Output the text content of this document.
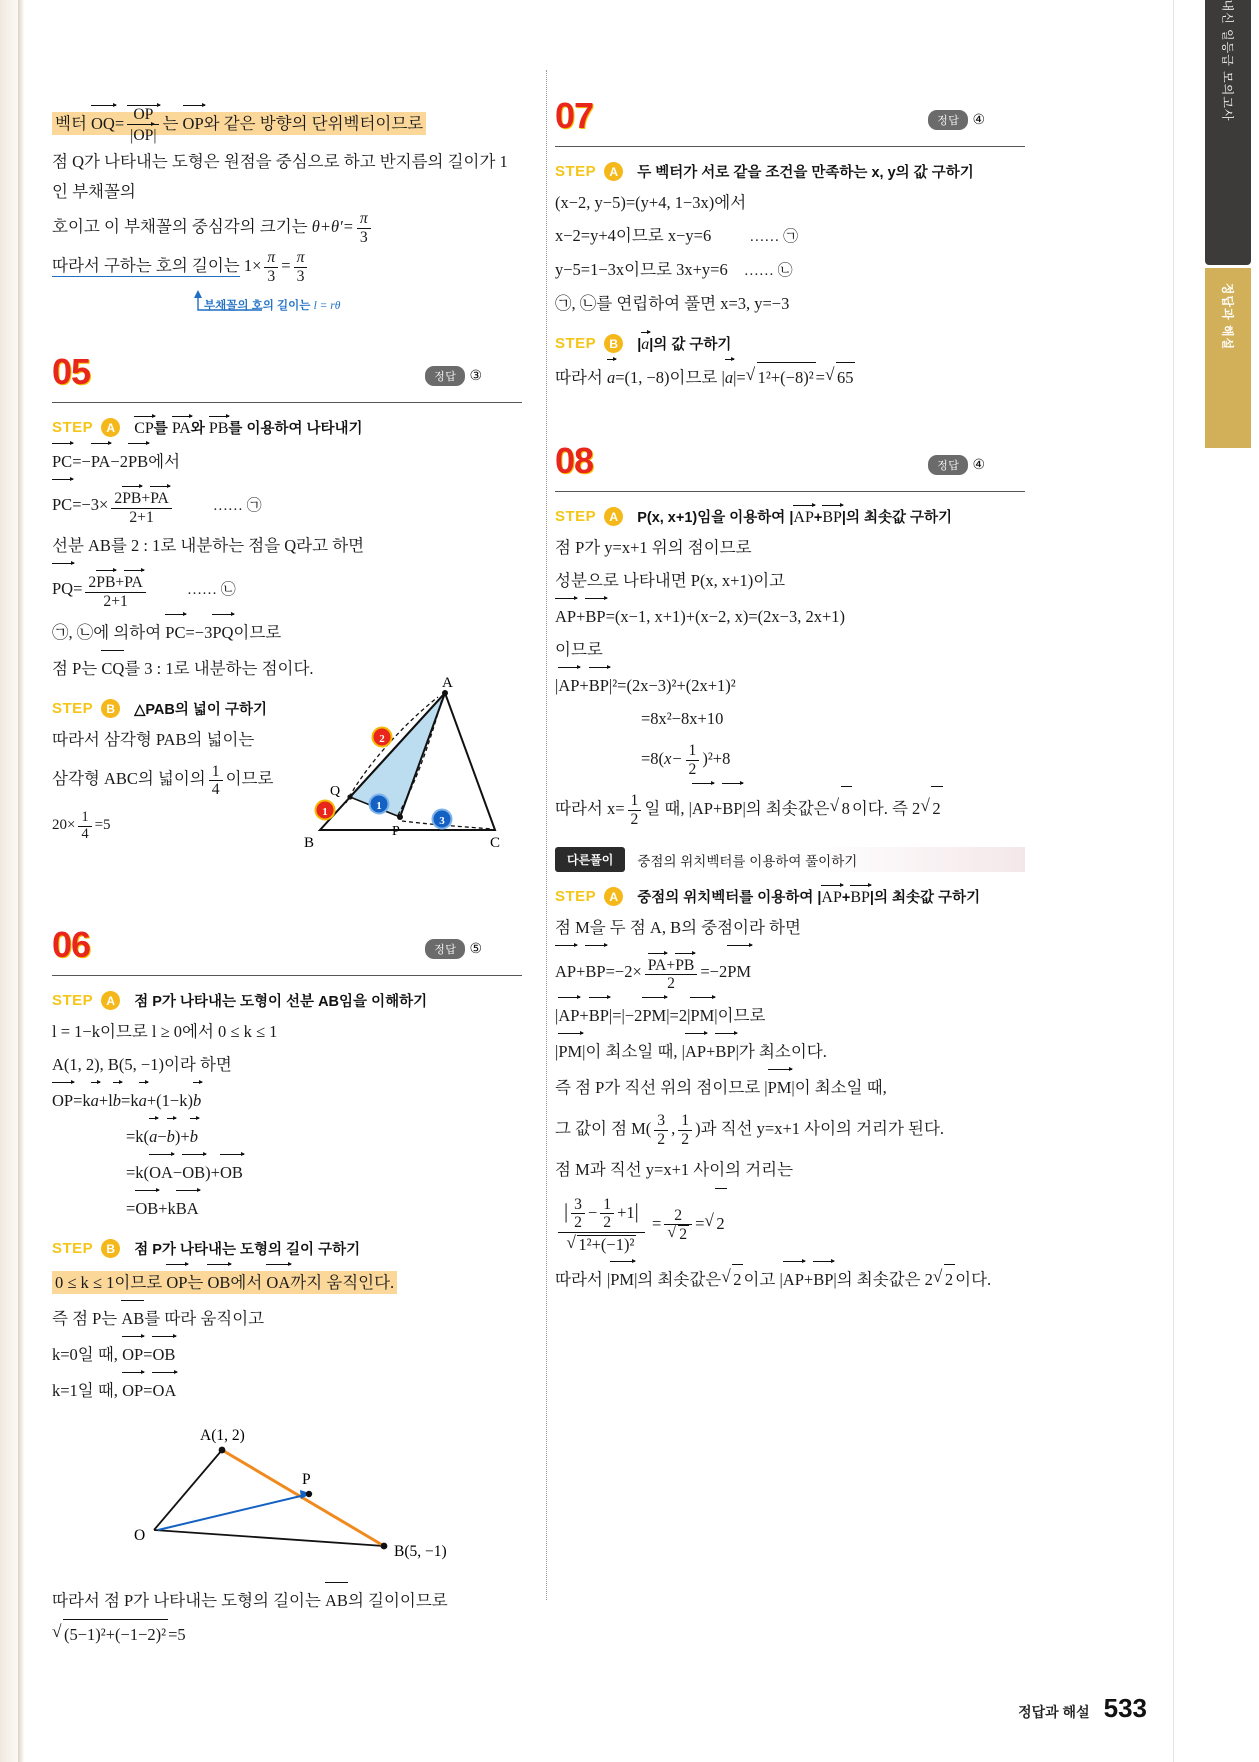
내신 일등급 모의고사
정답과 해설
벡터 $OQ= \frac{OP}{|OP|}$ 는 OP와 같은 방향의 단위벡터이므로
점 Q가 나타내는 도형은 원점을 중심으로 하고 반지름의 길이가 1인 부채꼴의
호이고 이 부채꼴의 중심각의 크기는 $\theta+\theta'= \frac{\pi}{3}$
따라서 구하는 호의 길이는 $1\times \frac{\pi}{3} = \frac{\pi}{3}$
부채꼴의 호의 길이는 l = rθ
05	정답 ③
STEP	A	CP를 PA와 PB를 이용하여 나타내기
PC=−PA−2PB에서
$PC=-3\times \frac{2PB+PA}{2+1}$	…… ㉠
선분 AB를 2 : 1로 내분하는 점을 Q라고 하면
$PQ= \frac{2PB+PA}{2+1}$	…… ㉡
㉠, ㉡에 의하여 PC=−3PQ이므로
점 P는 CQ를 3 : 1로 내분하는 점이다.
STEP	B	△PAB의 넓이 구하기
따라서 삼각형 PAB의 넓이는
삼각형 ABC의 넓이의 $\frac{1}{4}$ 이므로
$20\times \frac{1}{4} =5$
A
B	C
P
Q
2
1	1
3
06	정답 ⑤
STEP	A	점 P가 나타내는 도형이 선분 AB임을 이해하기
l = 1−k이므로 l ≥ 0에서 0 ≤ k ≤ 1
A(1, 2), B(5, −1)이라 하면
OP=ka+lb=ka+(1−k)b
=k(a−b)+b
=k(OA−OB)+OB
=OB+kBA
STEP	B	점 P가 나타내는 도형의 길이 구하기
0 ≤ k ≤ 1이므로 OP는 OB에서 OA까지 움직인다.
즉 점 P는 AB를 따라 움직이고
k=0일 때, OP=OB
k=1일 때, OP=OA
A(1, 2)
B(5, −1)
O
P
따라서 점 P가 나타내는 도형의 길이는 AB의 길이이므로
√ (5−1)²+(−1−2)² =5
07	정답 ④
STEP	A	두 벡터가 서로 같을 조건을 만족하는 x, y의 값 구하기
(x−2, y−5)=(y+4, 1−3x)에서
x−2=y+4이므로 x−y=6	…… ㉠
y−5=1−3x이므로 3x+y=6 …… ㉡
㉠, ㉡를 연립하여 풀면 x=3, y=−3
STEP	B	|a|의 값 구하기
따라서 a=(1, −8)이므로 |a|= √ 1²+(−8)² = √ 65
08	정답 ④
STEP	A	P(x, x+1)임을 이용하여 |AP+BP|의 최솟값 구하기
점 P가 y=x+1 위의 점이므로
성분으로 나타내면 P(x, x+1)이고
AP+BP=(x−1, x+1)+(x−2, x)=(2x−3, 2x+1)
이므로
|AP+BP|²=(2x−3)²+(2x+1)²
=8x²−8x+10
$=8(x- \frac{1}{2} )^2+8$
따라서 $x= \frac{1}{2}$ 일 때, |AP+BP|의 최솟값은 √ 8 이다. 즉 2 √ 2
다른풀이	중점의 위치벡터를 이용하여 풀이하기
STEP	A	중점의 위치벡터를 이용하여 |AP+BP|의 최솟값 구하기
점 M을 두 점 A, B의 중점이라 하면
$AP+BP=-2\times \frac{PA+PB}{2} =-2PM$
|AP+BP|=|−2PM|=2|PM|이므로
|PM|이 최소일 때, |AP+BP|가 최소이다.
즉 점 P가 직선 위의 점이므로 |PM|이 최소일 때,
그 값이 점 $M( \frac{3}{2}$ , $\frac{1}{2}$ )과 직선 y=x+1 사이의 거리가 된다.
점 M과 직선 y=x+1 사이의 거리는
| $\frac{3}{2} - \frac{1}{2} +1|$
√ 1²+(−1)² = 2
√ 2 = √ 2
따라서 |PM|의 최솟값은 √ 2 이고 |AP+BP|의 최솟값은 2 √ 2 이다.
정답과 해설 533
